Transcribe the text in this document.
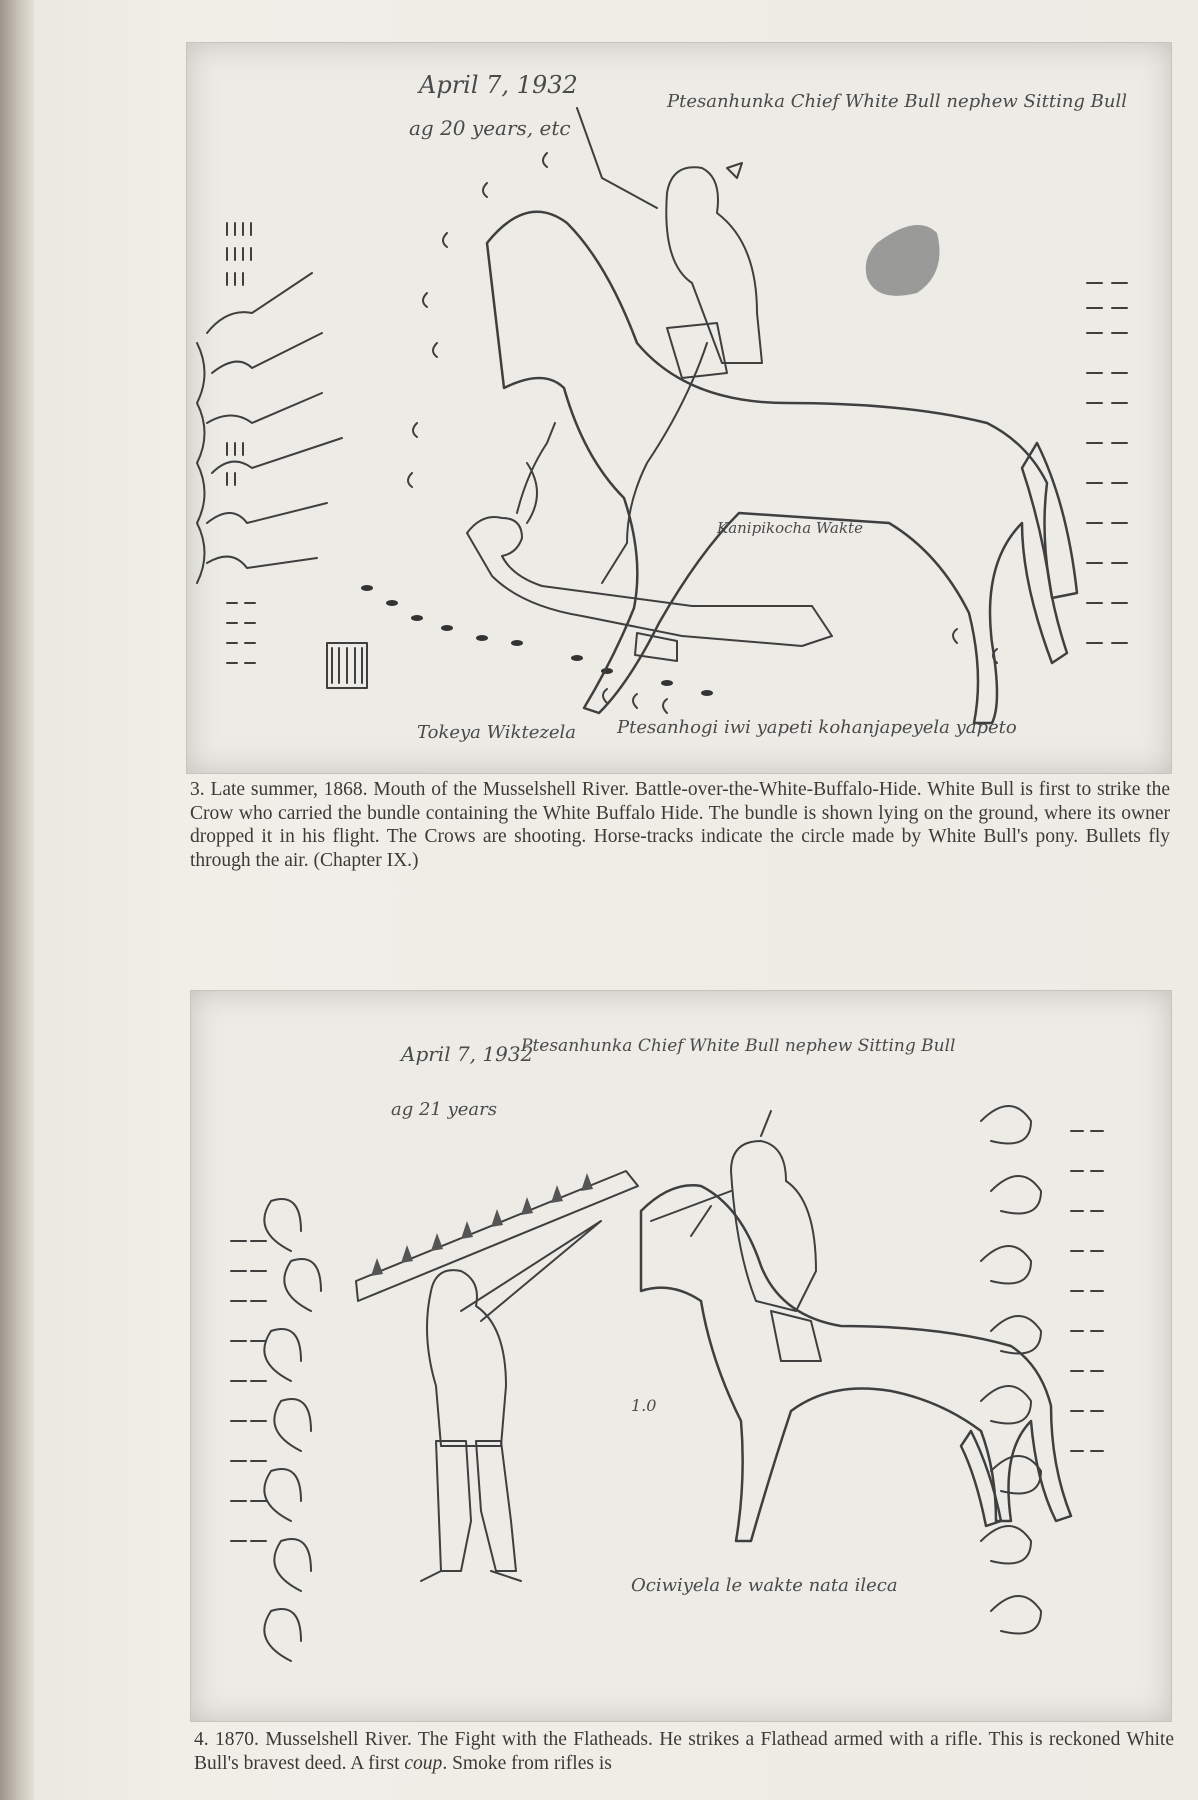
April 7, 1932
ag 20 years, etc
Ptesanhunka Chief White Bull nephew Sitting Bull
Kanipikocha Wakte
Tokeya Wiktezela Ptesanhogi iwi yapeti kohanjapeyela yapeto

3. Late summer, 1868. Mouth of the Musselshell River. Battle-over-the-White-Buffalo-Hide. White Bull is first to strike the Crow who carried the bundle containing the White Buffalo Hide. The bundle is shown lying on the ground, where its owner dropped it in his flight. The Crows are shooting. Horse-tracks indicate the circle made by White Bull's pony. Bullets fly through the air. (Chapter IX.)

April 7, 1932
ag 21 years
Ptesanhunka Chief White Bull nephew Sitting Bull
1.0
Ociwiyela le wakte nata ileca

4. 1870. Musselshell River. The Fight with the Flatheads. He strikes a Flathead armed with a rifle. This is reckoned White Bull's bravest deed. A first coup. Smoke from rifles is
